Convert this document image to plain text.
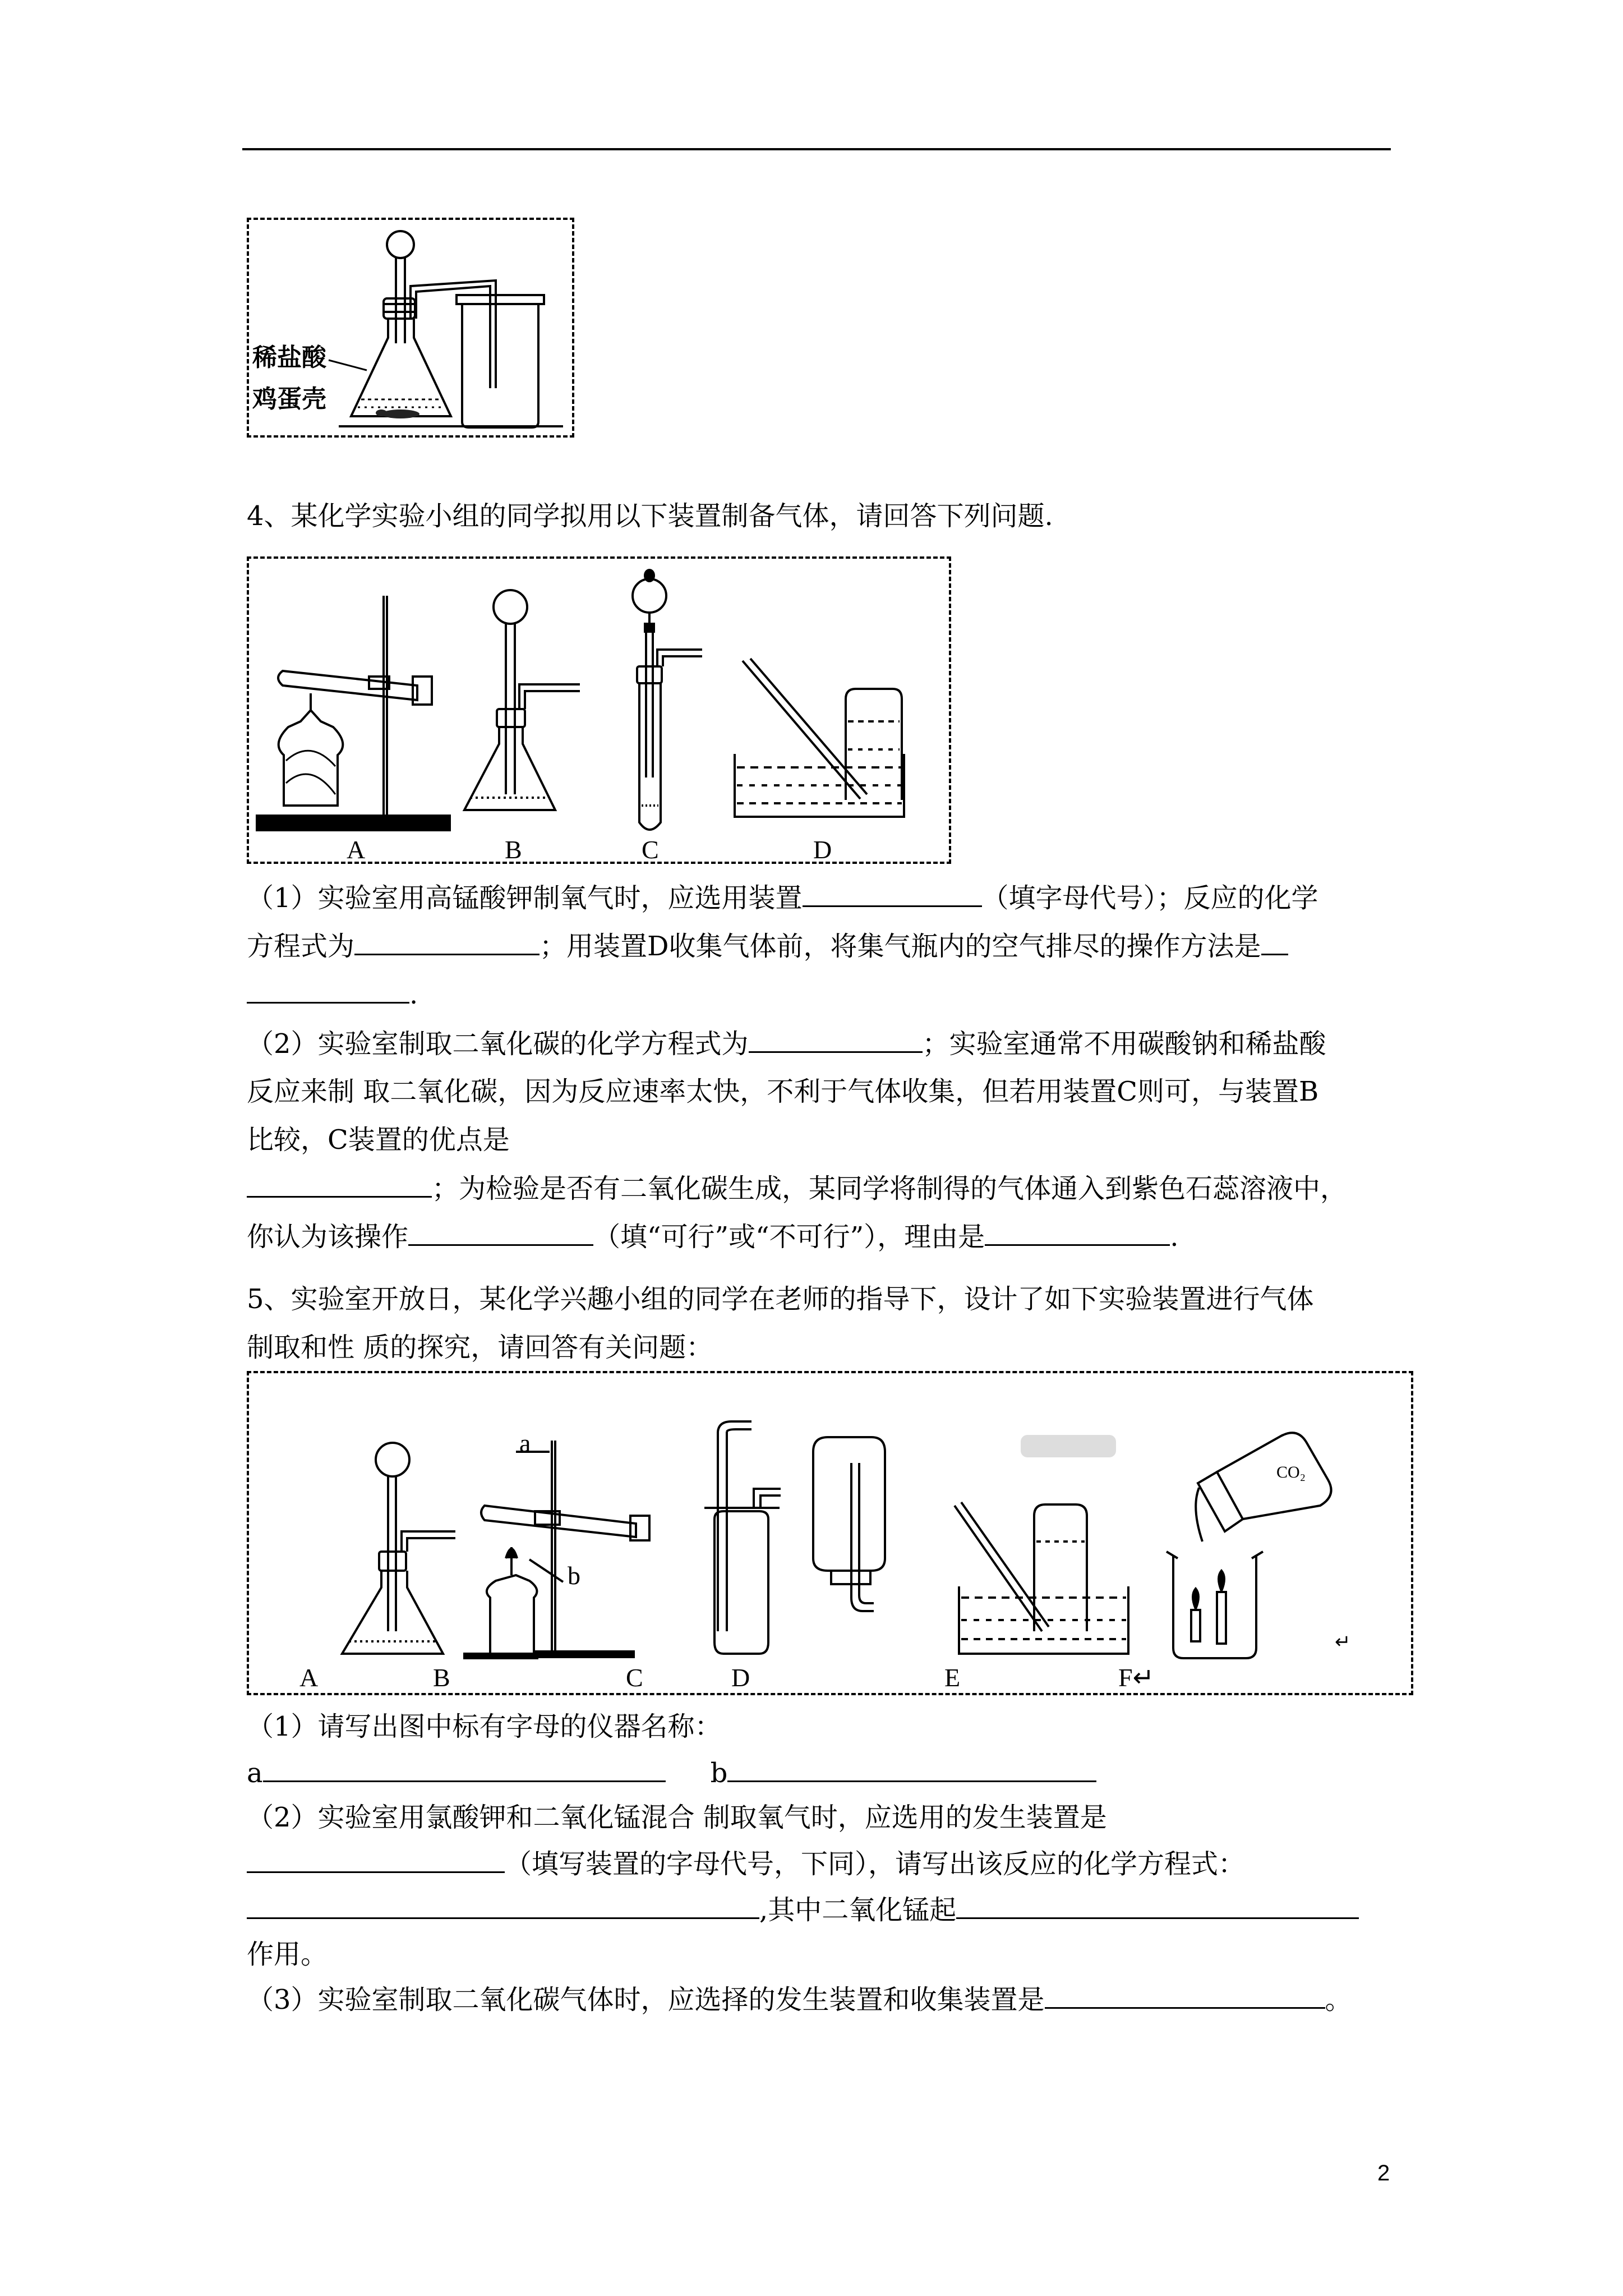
稀盐酸
鸡蛋壳
4、某化学实验小组的同学拟用以下装置制备气体，请回答下列问题.
A	B	C	D
（1）实验室用高锰酸钾制氧气时，应选用装置	（填字母代号）；反应的化学
方程式为	；用装置D收集气体前，将集气瓶内的空气排尽的操作方法是
.
（2）实验室制取二氧化碳的化学方程式为	；实验室通常不用碳酸钠和稀盐酸
反应来制 取二氧化碳，因为反应速率太快，不利于气体收集，但若用装置C则可，与装置B
比较，C装置的优点是
；为检验是否有二氧化碳生成，某同学将制得的气体通入到紫色石蕊溶液中，
你认为该操作	（填“可行”或“不可行”），理由是	.
5、实验室开放日，某化学兴趣小组的同学在老师的指导下，设计了如下实验装置进行气体
制取和性 质的探究，请回答有关问题：
a
b
CO₂
↵
A	B	C	D	E	F↵
（1）请写出图中标有字母的仪器名称：
a	b
（2）实验室用氯酸钾和二氧化锰混合 制取氧气时，应选用的发生装置是
（填写装置的字母代号，下同），请写出该反应的化学方程式：
,其中二氧化锰起
作用。
（3）实验室制取二氧化碳气体时，应选择的发生装置和收集装置是	。
2
